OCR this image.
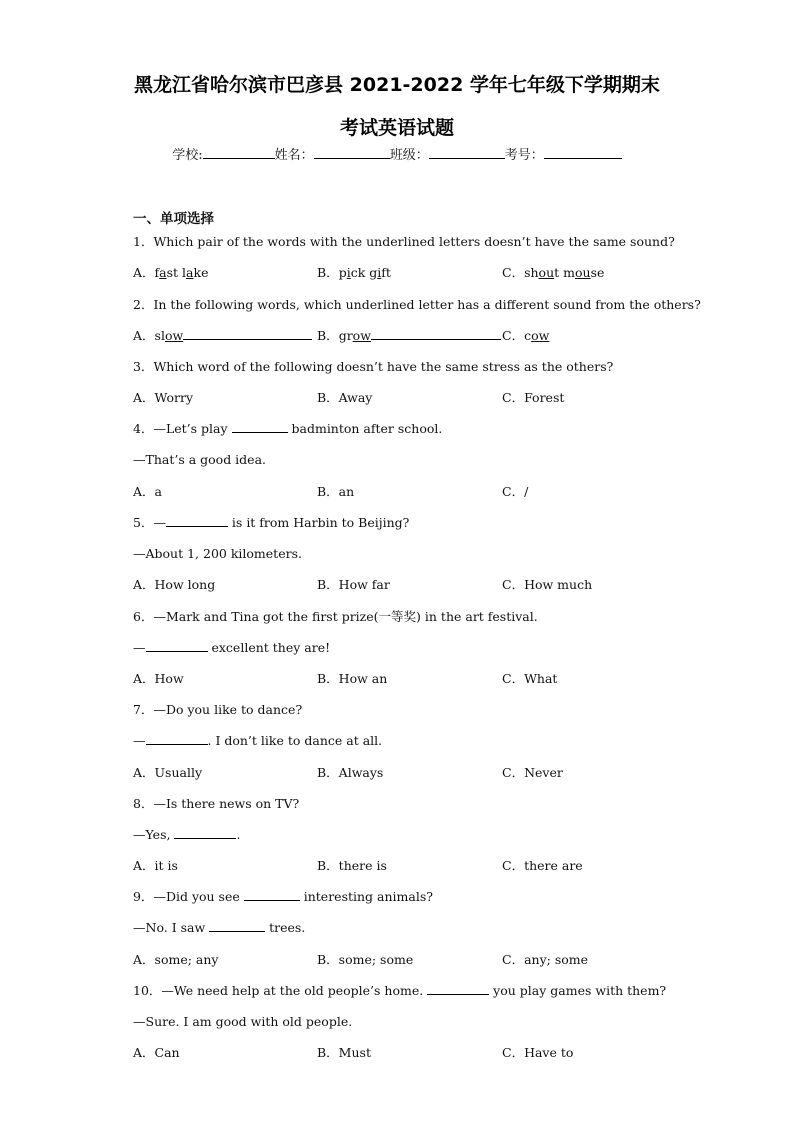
黑龙江省哈尔滨市巴彦县 2021-2022 学年七年级下学期期末
考试英语试题
学校:	姓名：	班级：	考号：
一、单项选择
1．Which pair of the words with the underlined letters doesn’t have the same sound?
A．fast lake	B．pick gift	C．shout mouse
2．In the following words, which underlined letter has a different sound from the others?
A．slow	B．grow	C．cow
3．Which word of the following doesn’t have the same stress as the others?
A．Worry	B．Away	C．Forest
4．—Let’s play	badminton after school.
—That’s a good idea.
A．a	B．an	C．/
5．—	is it from Harbin to Beijing?
—About 1, 200 kilometers.
A．How long	B．How far	C．How much
6．—Mark and Tina got the first prize(一等奖) in the art festival.
—	excellent they are!
A．How	B．How an	C．What
7．—Do you like to dance?
—	. I don’t like to dance at all.
A．Usually	B．Always	C．Never
8．—Is there news on TV?
—Yes,	.
A．it is	B．there is	C．there are
9．—Did you see	interesting animals?
—No. I saw	trees.
A．some; any	B．some; some	C．any; some
10．—We need help at the old people’s home.	you play games with them?
—Sure. I am good with old people.
A．Can	B．Must	C．Have to
